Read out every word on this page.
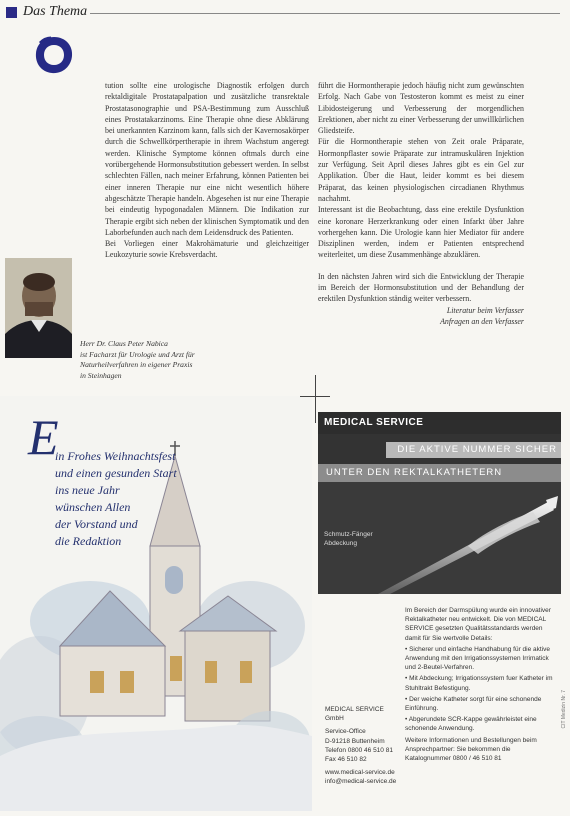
Das Thema

tution sollte eine urologische Diagnostik erfolgen durch rektaldigitale Prostatapalpation und zusätzliche transrektale Prostatasonographie und PSA-Bestimmung zum Ausschluß eines Prostatakarzinoms. Eine Therapie ohne diese Abklärung bei unerkannten Karzinom kann, falls sich der Kavernosakörper durch die Schwellkörpertherapie in ihrem Wachstum angeregt werden. Klinische Symptome können oftmals durch eine vorübergehende Hormonsubstitution gebessert werden. In selbst schlechten Fällen, nach meiner Erfahrung, können Patienten bei einer inneren Therapie nur eine nicht wesentlich höhere abgeschätzte Therapie handeln. Abgesehen ist nur eine Therapie bei eindeutig hypogonadalen Männern. Die Indikation zur Therapie ergibt sich neben der klinischen Symptomatik und den Laborbefunden auch nach dem Leidensdruck des Patienten.

Bei Vorliegen einer Makrohämaturie und gleichzeitiger Leukozyturie sowie Krebsverdacht.

führt die Hormontherapie jedoch häufig nicht zum gewünschten Erfolg. Nach Gabe von Testosteron kommt es meist zu einer Libidosteigerung und Verbesserung der morgendlichen Erektionen, aber nicht zu einer Verbesserung der unwillkürlichen Gliedsteife.

Für die Hormontherapie stehen von Zeit orale Präparate, Hormonpflaster sowie Präparate zur intramuskulären Injektion zur Verfügung. Seit April dieses Jahres gibt es ein Gel zur Applikation. Über die Haut, leider kommt es bei diesem Präparat, das keinen physiologischen circadianen Rhythmus nachahmt.

Interessant ist die Beobachtung, dass eine erektile Dysfunktion eine koronare Herzerkrankung oder einen Infarkt über Jahre vorhergehen kann. Die Urologie kann hier Mediator für andere Disziplinen werden, indem er Patienten entsprechend weiterleitet, um diese Zusammenhänge abzuklären.

In den nächsten Jahren wird sich die Entwicklung der Therapie im Bereich der Hormonsubstitution und der Behandlung der erektilen Dysfunktion ständig weiter verbessern.

Literatur beim Verfasser

Anfragen an den Verfasser

Herr Dr. Claus Peter Nabica
ist Facharzt für Urologie und Arzt für
Naturheilverfahren in eigener Praxis
in Steinhagen
E
in Frohes Weihnachtsfest
und einen gesunden Start
ins neue Jahr
wünschen Allen
der Vorstand und
die Redaktion
MEDICAL SERVICE
DIE AKTIVE NUMMER SICHER
UNTER DEN REKTALKATHETERN
Schmutz-Fänger
Abdeckung

Im Bereich der Darmspülung wurde ein innovativer Rektalkatheter neu entwickelt. Die von MEDICAL SERVICE gesetzten Qualitätsstandards werden damit für Sie wertvolle Details:

• Sicherer und einfache Handhabung für die aktive Anwendung mit den Irrigationssystemen Irrimatick und 2-Beutel-Verfahren.

• Mit Abdeckung; Irrigationssystem fuer Katheter im Stuhltrakt Befestigung.

• Der weiche Katheter sorgt für eine schonende Einführung.

• Abgerundete SCR-Kappe gewährleistet eine schonende Anwendung.

Weitere Informationen und Bestellungen beim Ansprechpartner: Sie bekommen die Katalognummer 0800 / 46 510 81

MEDICAL SERVICE GmbH
Service-Office
D-91218 Buttenheim
Telefon 0800 46 510 81
Fax 46 510 82
www.medical-service.de
info@medical-service.de
CIT Medizin Nr. 7
